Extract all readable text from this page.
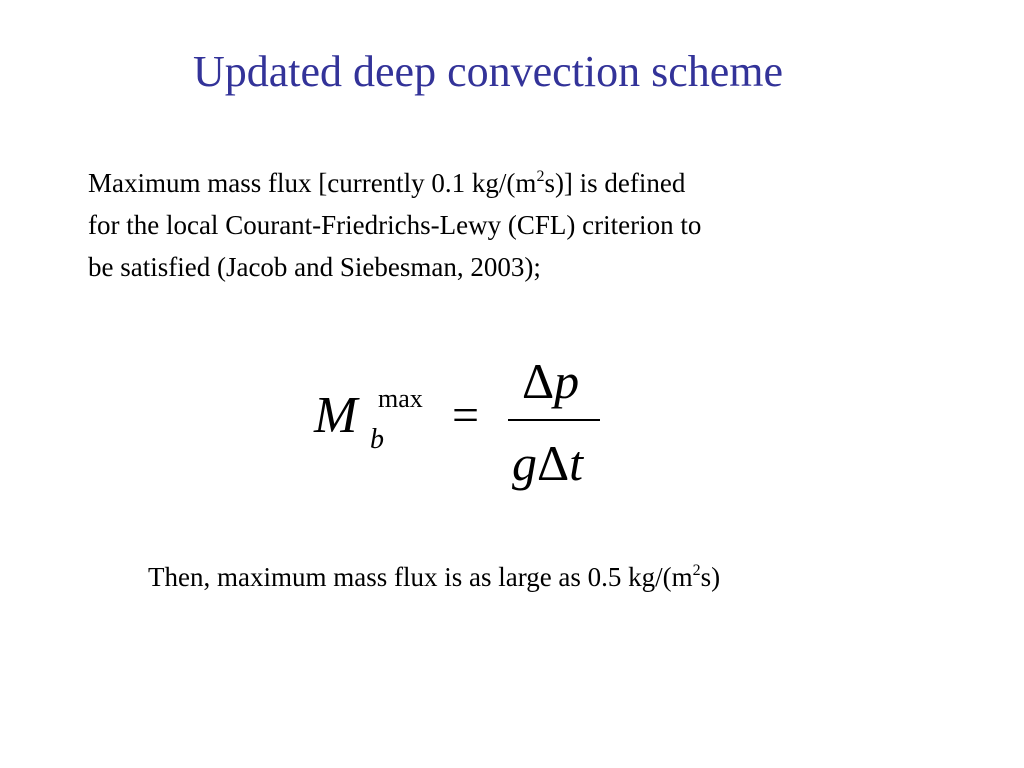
Updated deep convection scheme

Maximum mass flux [currently 0.1 $kg/(m^2s)$] is defined
for the local Courant-Friedrichs-Lewy (CFL) criterion to
be satisfied (Jacob and Siebesman, 2003);

M max
b =
Δp
gΔt

Then, maximum mass flux is as large as 0.5 $kg/(m^2s)$
